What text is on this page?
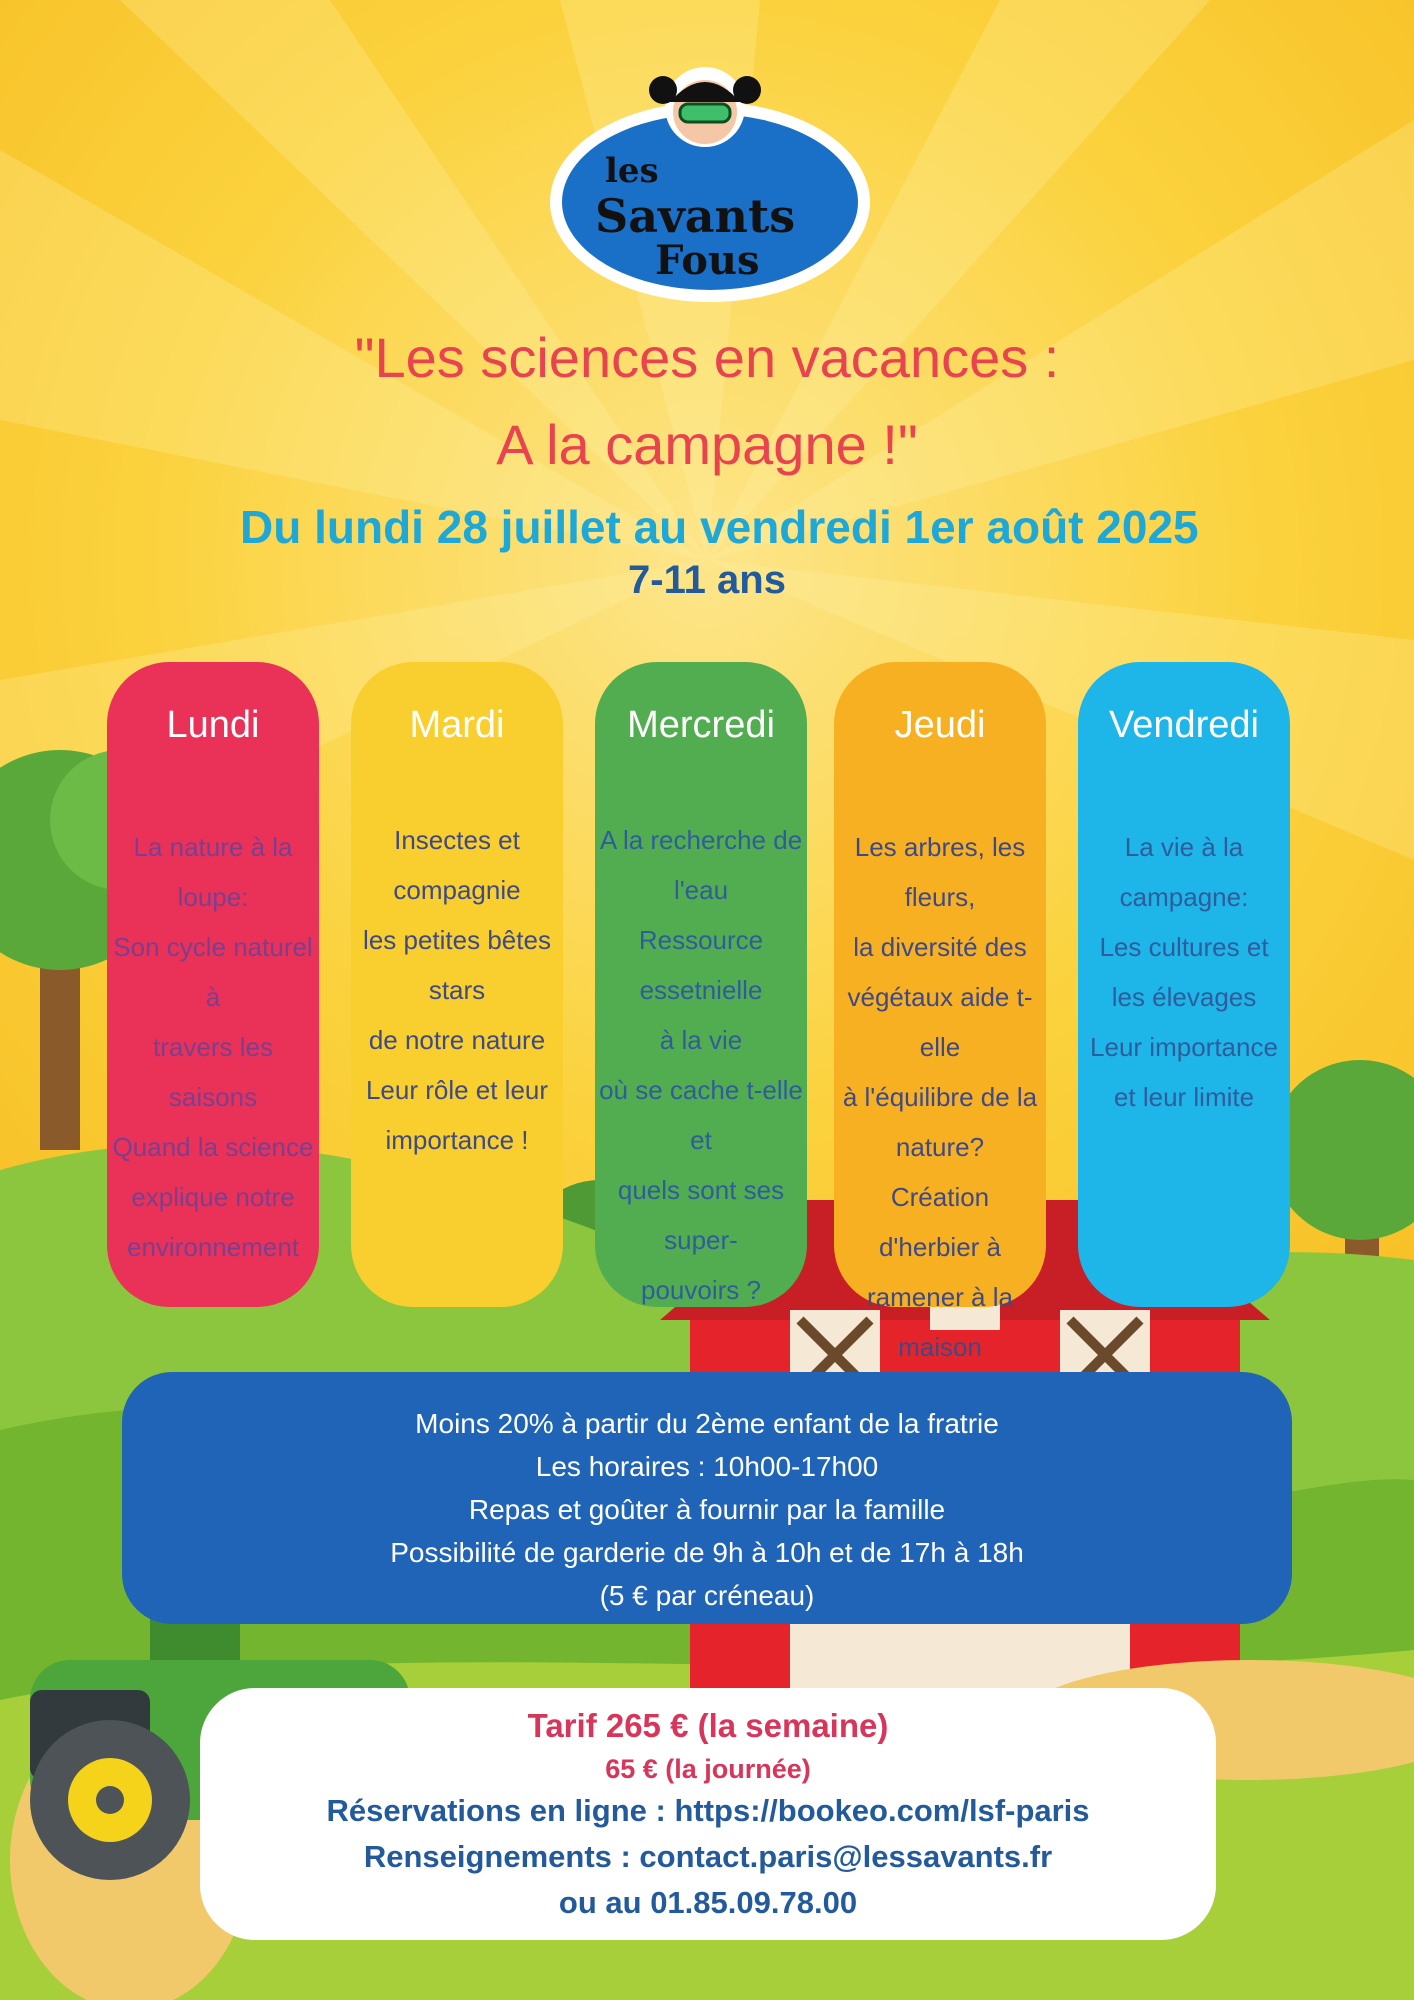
les
Savants
Fous
"Les sciences en vacances :
A la campagne !"
Du lundi 28 juillet au vendredi 1er août 2025
7-11 ans
Lundi
La nature à la loupe:
Son cycle naturel à
travers les saisons
Quand la science
explique notre
environnement
Mardi
Insectes et
compagnie
les petites bêtes stars
de notre nature
Leur rôle et leur
importance !
Mercredi
A la recherche de
l'eau
Ressource essetnielle
à la vie
où se cache t-elle et
quels sont ses super-
pouvoirs ?
Jeudi
Les arbres, les fleurs,
la diversité des
végétaux aide t-elle
à l'équilibre de la
nature?
Création d'herbier à
ramener à la maison
Vendredi
La vie à la
campagne:
Les cultures et
les élevages
Leur importance
et leur limite
Moins 20% à partir du 2ème enfant de la fratrie
Les horaires : 10h00-17h00
Repas et goûter à fournir par la famille
Possibilité de garderie de 9h à 10h et de 17h à 18h
(5 € par créneau)
Tarif 265 € (la semaine)
65 € (la journée)
Réservations en ligne : https://bookeo.com/lsf-paris
Renseignements : contact.paris@lessavants.fr
ou au 01.85.09.78.00
